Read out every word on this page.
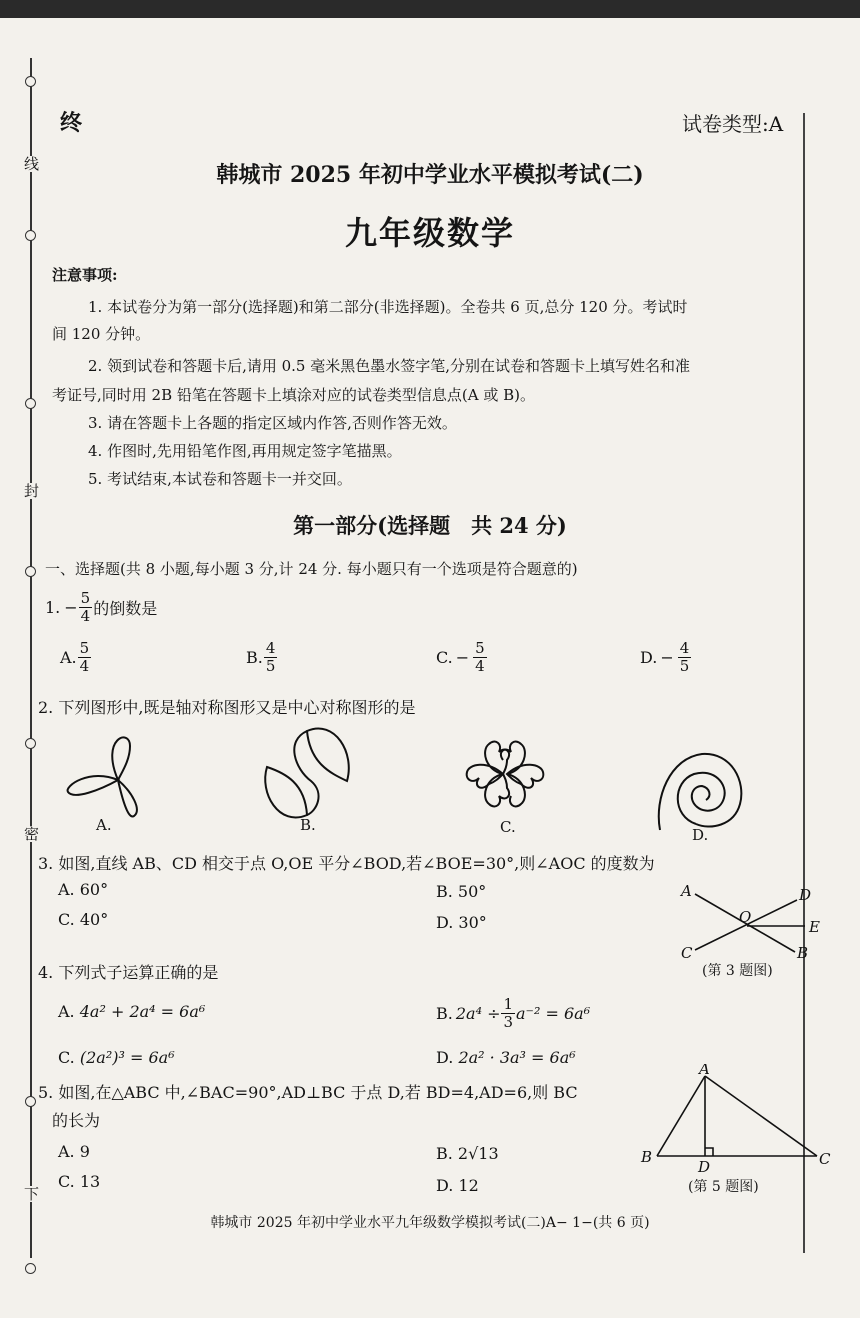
线
封
密
下
终	试卷类型:A
韩城市 2025 年初中学业水平模拟考试(二)
九年级数学
注意事项:
1. 本试卷分为第一部分(选择题)和第二部分(非选择题)。全卷共 6 页,总分 120 分。考试时
间 120 分钟。
2. 领到试卷和答题卡后,请用 0.5 毫米黑色墨水签字笔,分别在试卷和答题卡上填写姓名和准
考证号,同时用 2B 铅笔在答题卡上填涂对应的试卷类型信息点(A 或 B)。
3. 请在答题卡上各题的指定区域内作答,否则作答无效。
4. 作图时,先用铅笔作图,再用规定签字笔描黑。
5. 考试结束,本试卷和答题卡一并交回。
第一部分(选择题　共 24 分)
一、选择题(共 8 小题,每小题 3 分,计 24 分. 每小题只有一个选项是符合题意的)
1. − $\frac{5}{4}$ 的倒数是
A. $\frac{5}{4}$	B. $\frac{4}{5}$	C. − $\frac{5}{4}$	D. − $\frac{4}{5}$
2. 下列图形中,既是轴对称图形又是中心对称图形的是
A.	B.	C.	D.
3. 如图,直线 AB、CD 相交于点 O,OE 平分∠BOD,若∠BOE=30°,则∠AOC 的度数为
A. 60°	B. 50°
C. 40°	D. 30°
A	D
O
E
C	B
(第 3 题图)
4. 下列式子运算正确的是
A. 4a² + 2a⁴ = 6a⁶	B. $2a^4 \div \frac{1}{3} a^{-2} = 6a^6$
C. (2a²)³ = 6a⁶	D. 2a² · 3a³ = 6a⁶
5. 如图,在△ABC 中,∠BAC=90°,AD⊥BC 于点 D,若 BD=4,AD=6,则 BC
的长为
A. 9	B. 2√13
C. 13	D. 12
A
B
D	C
(第 5 题图)
韩城市 2025 年初中学业水平九年级数学模拟考试(二)A− 1−(共 6 页)
